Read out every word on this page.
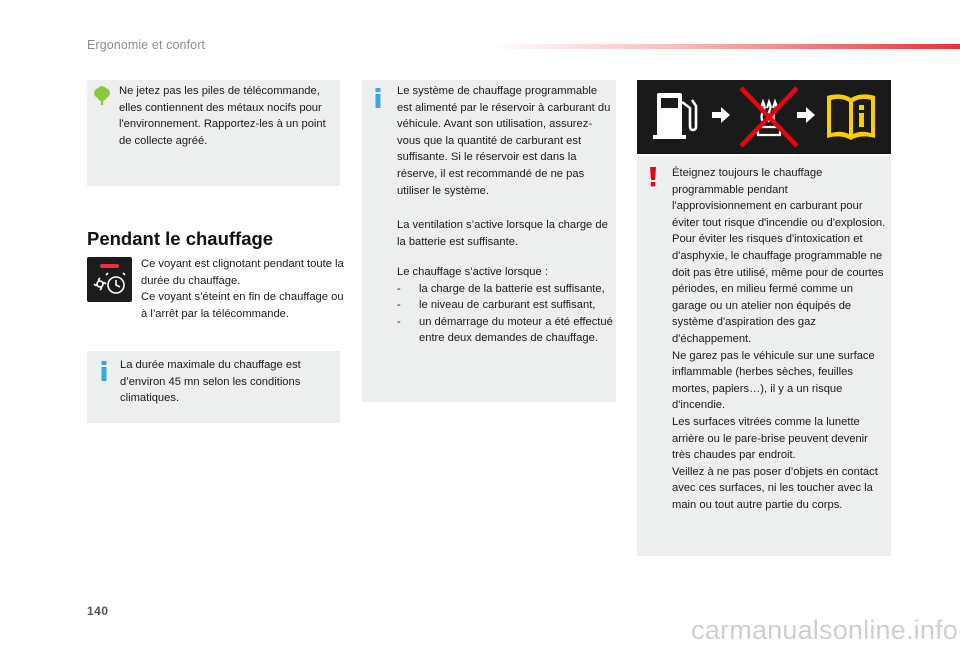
Ergonomie et confort

Ne jetez pas les piles de télécommande, elles contiennent des métaux nocifs pour l'environnement. Rapportez-les à un point de collecte agréé.

Pendant le chauffage
Ce voyant est clignotant pendant toute la durée du chauffage.
Ce voyant s’éteint en fin de chauffage ou à l’arrêt par la télécommande.

La durée maximale du chauffage est d’environ 45 mn selon les conditions climatiques.

Le système de chauffage programmable est alimenté par le réservoir à carburant du véhicule. Avant son utilisation, assurez-vous que la quantité de carburant est suffisante. Si le réservoir est dans la réserve, il est recommandé de ne pas utiliser le système.
La ventilation s’active lorsque la charge de la batterie est suffisante.
Le chauffage s’active lorsque :
- la charge de la batterie est suffisante,
- le niveau de carburant est suffisant,
- un démarrage du moteur a été effectué entre deux demandes de chauffage.

Éteignez toujours le chauffage programmable pendant l'approvisionnement en carburant pour éviter tout risque d'incendie ou d'explosion.

Pour éviter les risques d'intoxication et d'asphyxie, le chauffage programmable ne doit pas être utilisé, même pour de courtes périodes, en milieu fermé comme un garage ou un atelier non équipés de système d'aspiration des gaz d'échappement.

Ne garez pas le véhicule sur une surface inflammable (herbes sèches, feuilles mortes, papiers…), il y a un risque d'incendie.

Les surfaces vitrées comme la lunette arrière ou le pare-brise peuvent devenir très chaudes par endroit.

Veillez à ne pas poser d’objets en contact avec ces surfaces, ni les toucher avec la main ou tout autre partie du corps.

140
carmanualsonline.info
